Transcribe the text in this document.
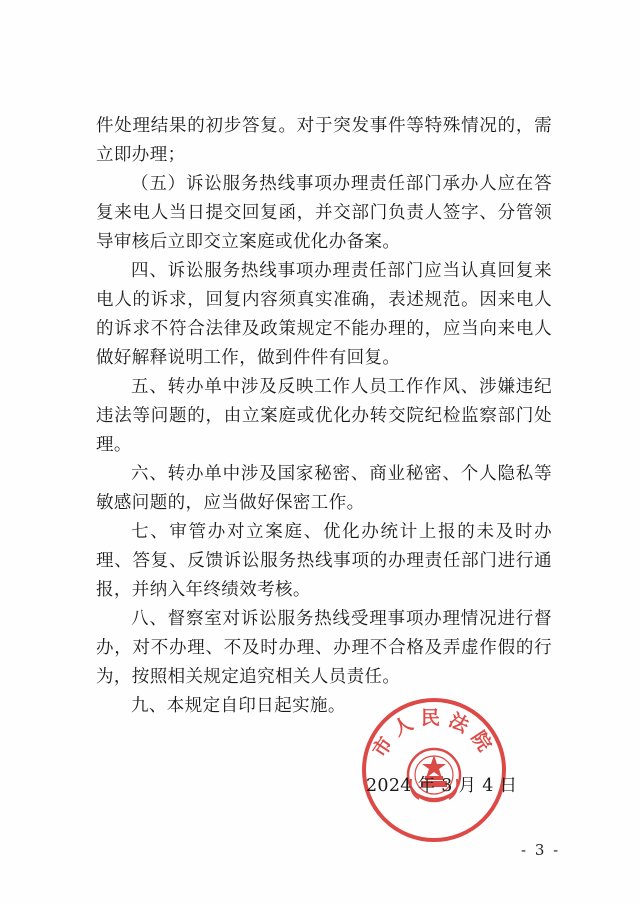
件处理结果的初步答复。对于突发事件等特殊情况的，需立即办理；

（五）诉讼服务热线事项办理责任部门承办人应在答复来电人当日提交回复函，并交部门负责人签字、分管领导审核后立即交立案庭或优化办备案。

四、诉讼服务热线事项办理责任部门应当认真回复来电人的诉求，回复内容须真实准确，表述规范。因来电人的诉求不符合法律及政策规定不能办理的，应当向来电人做好解释说明工作，做到件件有回复。

五、转办单中涉及反映工作人员工作作风、涉嫌违纪违法等问题的，由立案庭或优化办转交院纪检监察部门处理。

六、转办单中涉及国家秘密、商业秘密、个人隐私等敏感问题的，应当做好保密工作。

七、审管办对立案庭、优化办统计上报的未及时办理、答复、反馈诉讼服务热线事项的办理责任部门进行通报，并纳入年终绩效考核。

八、督察室对诉讼服务热线受理事项办理情况进行督办，对不办理、不及时办理、办理不合格及弄虚作假的行为，按照相关规定追究相关人员责任。

九、本规定自印日起实施。

市人民法院
2024 年 3 月 4 日
- 3 -
